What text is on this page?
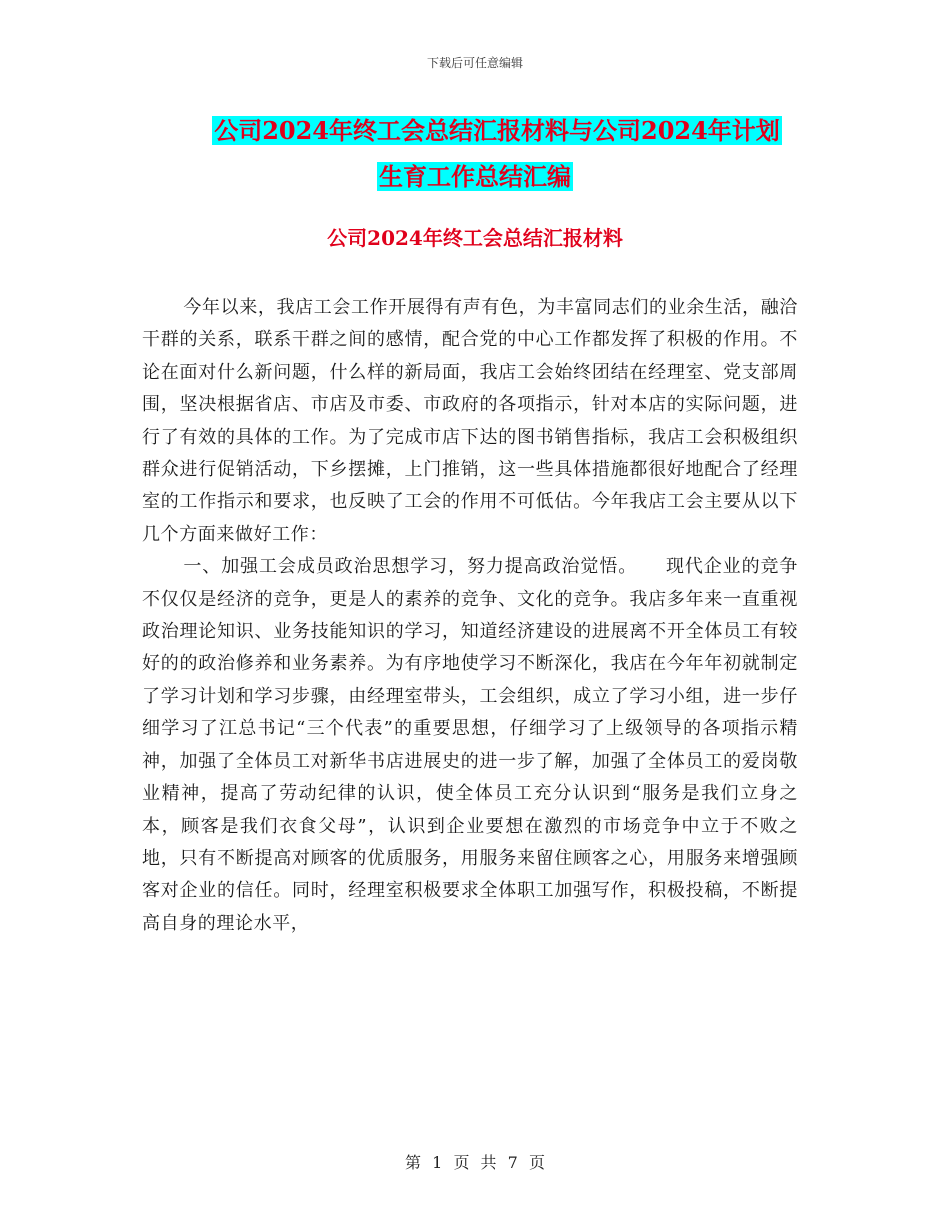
下载后可任意编辑
公司2024年终工会总结汇报材料与公司2024年计划
生育工作总结汇编
公司2024年终工会总结汇报材料

今年以来，我店工会工作开展得有声有色，为丰富同志们的业余生活，融洽干群的关系，联系干群之间的感情，配合党的中心工作都发挥了积极的作用。不论在面对什么新问题，什么样的新局面，我店工会始终团结在经理室、党支部周围，坚决根据省店、市店及市委、市政府的各项指示，针对本店的实际问题，进行了有效的具体的工作。为了完成市店下达的图书销售指标，我店工会积极组织群众进行促销活动，下乡摆摊，上门推销，这一些具体措施都很好地配合了经理室的工作指示和要求，也反映了工会的作用不可低估。今年我店工会主要从以下几个方面来做好工作：

一、加强工会成员政治思想学习，努力提高政治觉悟。　　现代企业的竞争不仅仅是经济的竞争，更是人的素养的竞争、文化的竞争。我店多年来一直重视政治理论知识、业务技能知识的学习，知道经济建设的进展离不开全体员工有较好的的政治修养和业务素养。为有序地使学习不断深化，我店在今年年初就制定了学习计划和学习步骤，由经理室带头，工会组织，成立了学习小组，进一步仔细学习了江总书记“三个代表”的重要思想，仔细学习了上级领导的各项指示精神，加强了全体员工对新华书店进展史的进一步了解，加强了全体员工的爱岗敬业精神，提高了劳动纪律的认识，使全体员工充分认识到“服务是我们立身之本，顾客是我们衣食父母”，认识到企业要想在激烈的市场竞争中立于不败之地，只有不断提高对顾客的优质服务，用服务来留住顾客之心，用服务来增强顾客对企业的信任。同时，经理室积极要求全体职工加强写作，积极投稿，不断提高自身的理论水平，

第 1 页 共 7 页
